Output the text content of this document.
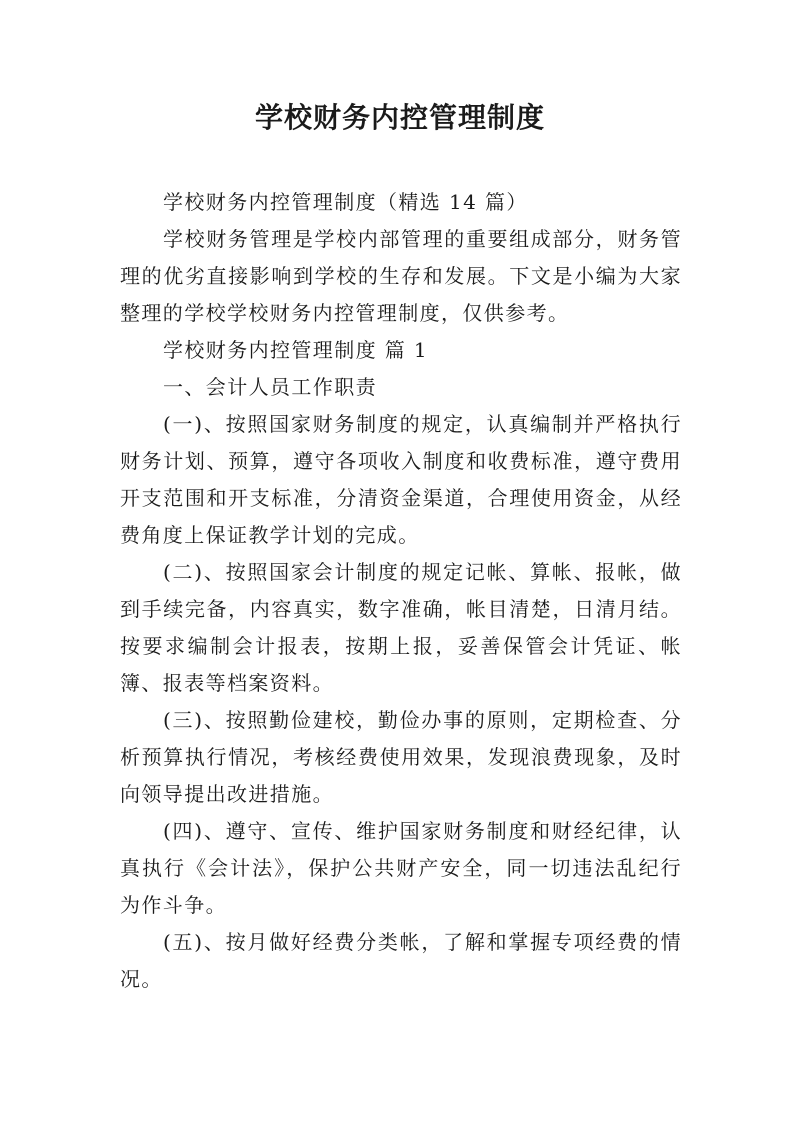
学校财务内控管理制度

学校财务内控管理制度（精选 14 篇）

学校财务管理是学校内部管理的重要组成部分，财务管理的优劣直接影响到学校的生存和发展。下文是小编为大家整理的学校学校财务内控管理制度，仅供参考。

学校财务内控管理制度 篇 1

一、会计人员工作职责

(一)、按照国家财务制度的规定，认真编制并严格执行财务计划、预算，遵守各项收入制度和收费标准，遵守费用开支范围和开支标准，分清资金渠道，合理使用资金，从经费角度上保证教学计划的完成。

(二)、按照国家会计制度的规定记帐、算帐、报帐，做到手续完备，内容真实，数字准确，帐目清楚，日清月结。按要求编制会计报表，按期上报，妥善保管会计凭证、帐簿、报表等档案资料。

(三)、按照勤俭建校，勤俭办事的原则，定期检查、分析预算执行情况，考核经费使用效果，发现浪费现象，及时向领导提出改进措施。

(四)、遵守、宣传、维护国家财务制度和财经纪律，认真执行《会计法》，保护公共财产安全，同一切违法乱纪行为作斗争。

(五)、按月做好经费分类帐，了解和掌握专项经费的情况。
